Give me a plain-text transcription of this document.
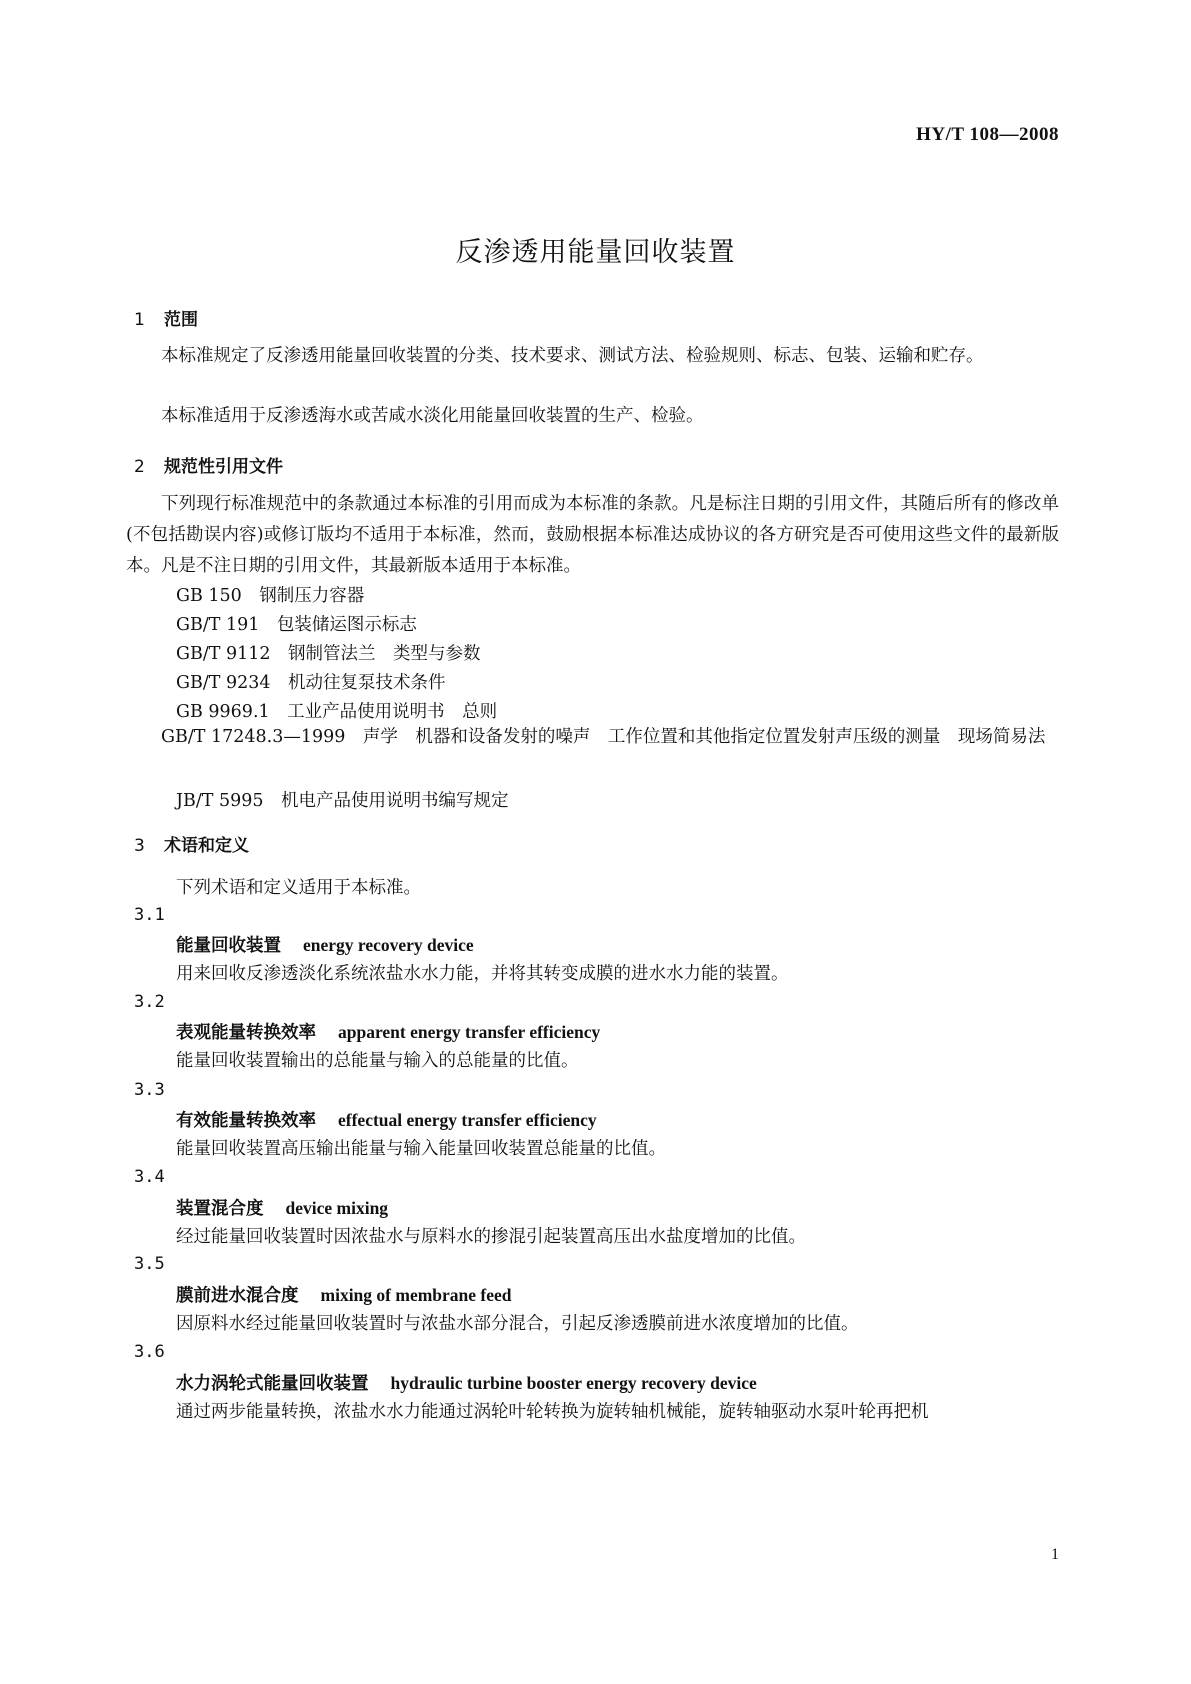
HY/T 108—2008
反渗透用能量回收装置
1 范围
本标准规定了反渗透用能量回收装置的分类、技术要求、测试方法、检验规则、标志、包装、运输和贮存。
本标准适用于反渗透海水或苦咸水淡化用能量回收装置的生产、检验。
2 规范性引用文件
下列现行标准规范中的条款通过本标准的引用而成为本标准的条款。凡是标注日期的引用文件，其随后所有的修改单(不包括勘误内容)或修订版均不适用于本标准，然而，鼓励根据本标准达成协议的各方研究是否可使用这些文件的最新版本。凡是不注日期的引用文件，其最新版本适用于本标准。
GB 150　钢制压力容器
GB/T 191　包装储运图示标志
GB/T 9112　钢制管法兰　类型与参数
GB/T 9234　机动往复泵技术条件
GB 9969.1　工业产品使用说明书　总则
GB/T 17248.3—1999　声学　机器和设备发射的噪声　工作位置和其他指定位置发射声压级的测量　现场简易法
JB/T 5995　机电产品使用说明书编写规定
3 术语和定义
下列术语和定义适用于本标准。
3.1
能量回收装置 energy recovery device
用来回收反渗透淡化系统浓盐水水力能，并将其转变成膜的进水水力能的装置。
3.2
表观能量转换效率 apparent energy transfer efficiency
能量回收装置输出的总能量与输入的总能量的比值。
3.3
有效能量转换效率 effectual energy transfer efficiency
能量回收装置高压输出能量与输入能量回收装置总能量的比值。
3.4
装置混合度 device mixing
经过能量回收装置时因浓盐水与原料水的掺混引起装置高压出水盐度增加的比值。
3.5
膜前进水混合度 mixing of membrane feed
因原料水经过能量回收装置时与浓盐水部分混合，引起反渗透膜前进水浓度增加的比值。
3.6
水力涡轮式能量回收装置 hydraulic turbine booster energy recovery device
通过两步能量转换，浓盐水水力能通过涡轮叶轮转换为旋转轴机械能，旋转轴驱动水泵叶轮再把机
1
